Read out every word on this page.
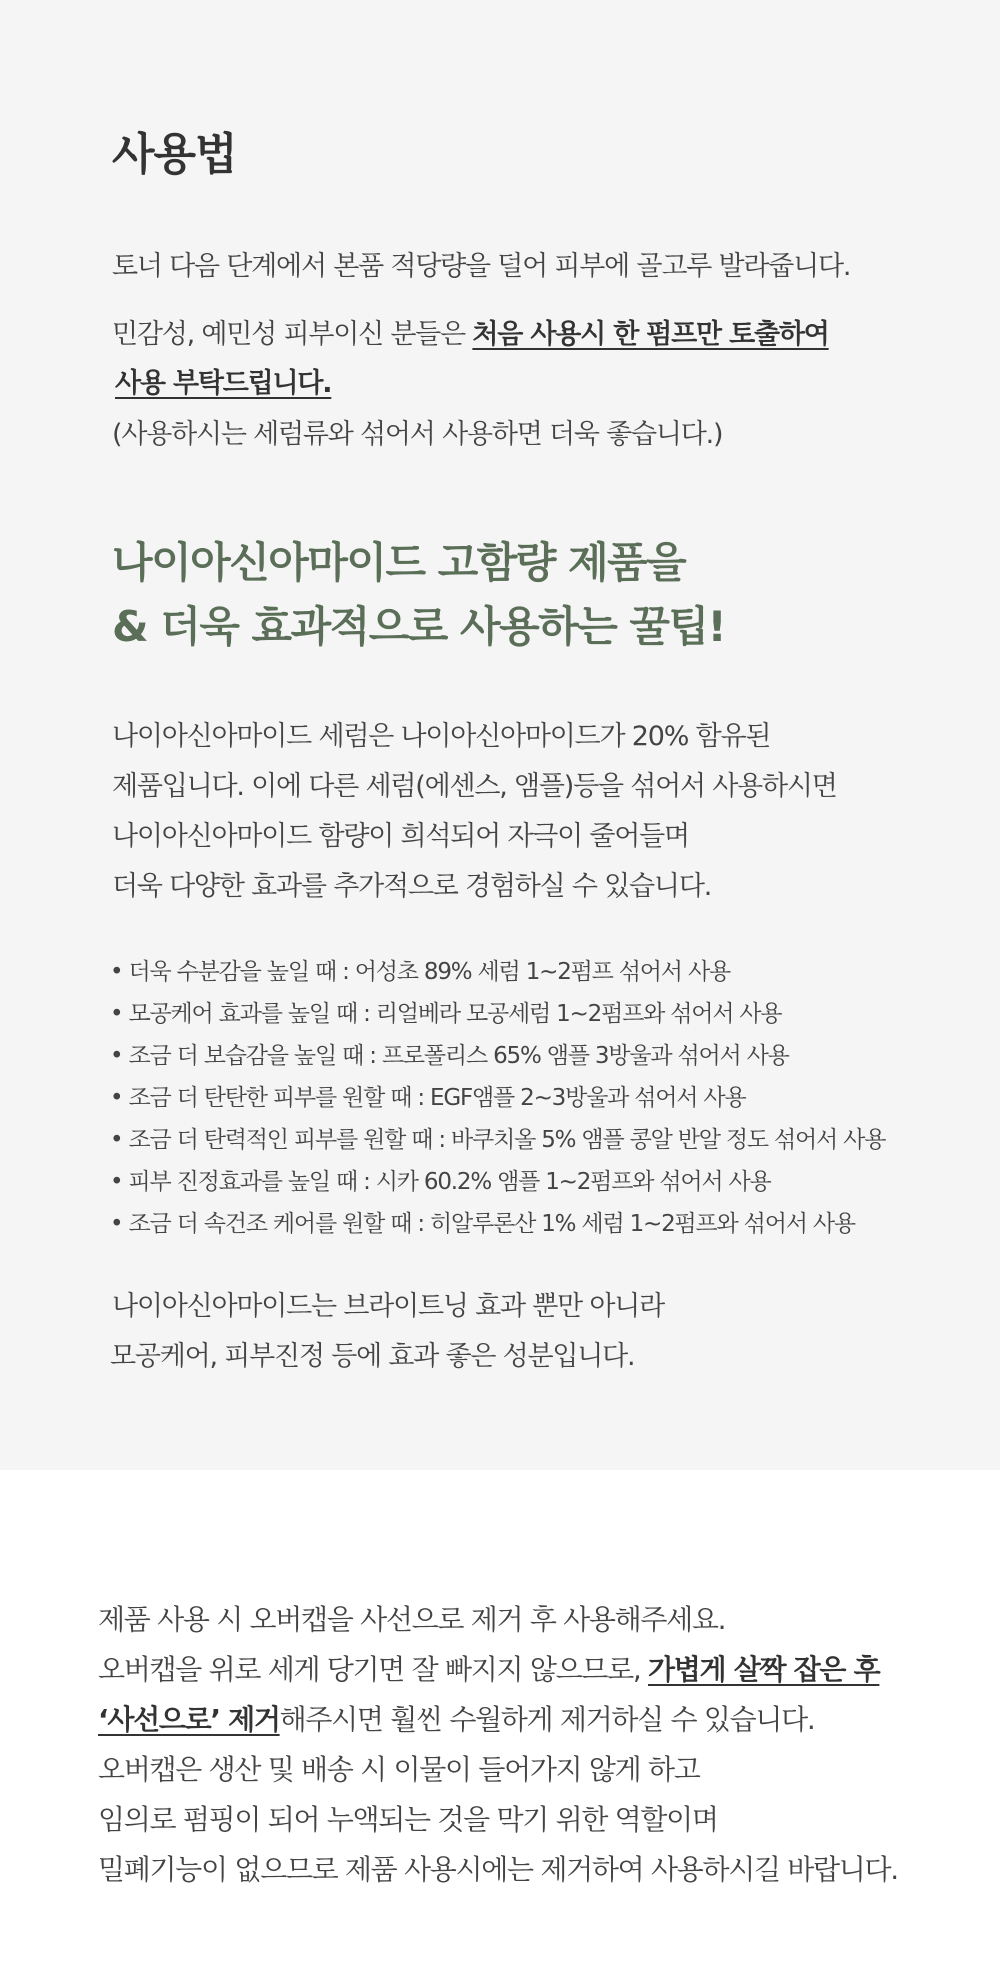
사용법
토너 다음 단계에서 본품 적당량을 덜어 피부에 골고루 발라줍니다.
민감성, 예민성 피부이신 분들은 처음 사용시 한 펌프만 토출하여
사용 부탁드립니다.
(사용하시는 세럼류와 섞어서 사용하면 더욱 좋습니다.)
나이아신아마이드 고함량 제품을
& 더욱 효과적으로 사용하는 꿀팁!
나이아신아마이드 세럼은 나이아신아마이드가 20% 함유된
제품입니다. 이에 다른 세럼(에센스, 앰플)등을 섞어서 사용하시면
나이아신아마이드 함량이 희석되어 자극이 줄어들며
더욱 다양한 효과를 추가적으로 경험하실 수 있습니다.
• 더욱 수분감을 높일 때 : 어성초 89% 세럼 1~2펌프 섞어서 사용
• 모공케어 효과를 높일 때 : 리얼베라 모공세럼 1~2펌프와 섞어서 사용
• 조금 더 보습감을 높일 때 : 프로폴리스 65% 앰플 3방울과 섞어서 사용
• 조금 더 탄탄한 피부를 원할 때 : EGF앰플 2~3방울과 섞어서 사용
• 조금 더 탄력적인 피부를 원할 때 : 바쿠치올 5% 앰플 콩알 반알 정도 섞어서 사용
• 피부 진정효과를 높일 때 : 시카 60.2% 앰플 1~2펌프와 섞어서 사용
• 조금 더 속건조 케어를 원할 때 : 히알루론산 1% 세럼 1~2펌프와 섞어서 사용
나이아신아마이드는 브라이트닝 효과 뿐만 아니라
모공케어, 피부진정 등에 효과 좋은 성분입니다.
제품 사용 시 오버캡을 사선으로 제거 후 사용해주세요.
오버캡을 위로 세게 당기면 잘 빠지지 않으므로, 가볍게 살짝 잡은 후
‘사선으로’ 제거해주시면 훨씬 수월하게 제거하실 수 있습니다.
오버캡은 생산 및 배송 시 이물이 들어가지 않게 하고
임의로 펌핑이 되어 누액되는 것을 막기 위한 역할이며
밀폐기능이 없으므로 제품 사용시에는 제거하여 사용하시길 바랍니다.
